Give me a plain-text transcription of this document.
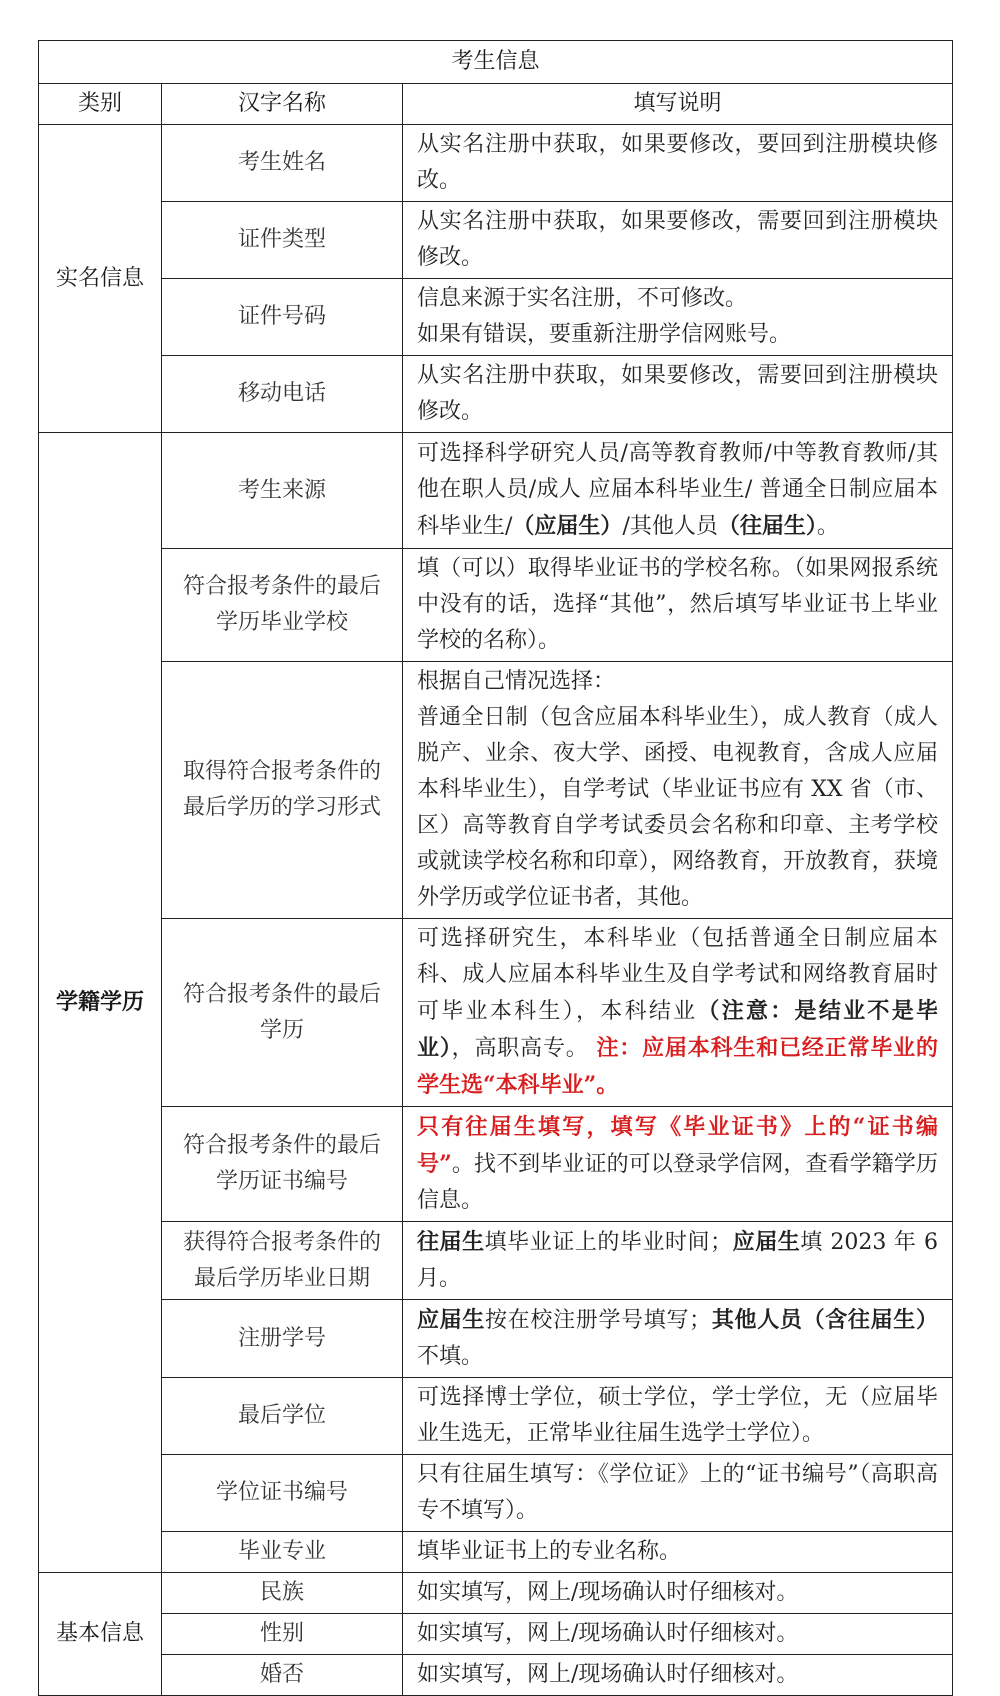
考生信息		
类别	汉字名称	填写说明
实名信息	考生姓名	从实名注册中获取，如果要修改，要回到注册模块修改。
	证件类型	从实名注册中获取，如果要修改，需要回到注册模块修改。
	证件号码	信息来源于实名注册，不可修改。
如果有错误，要重新注册学信网账号。

	移动电话	从实名注册中获取，如果要修改，需要回到注册模块修改。
学籍学历	考生来源	可选择科学研究人员/高等教育教师/中等教育教师/其他在职人员/成人 应届本科毕业生/ 普通全日制应届本科毕业生/（应届生）/其他人员（往届生）。
	符合报考条件的最后学历毕业学校	填（可以）取得毕业证书的学校名称。（如果网报系统中没有的话，选择“其他”，然后填写毕业证书上毕业学校的名称）。
	取得符合报考条件的最后学历的学习形式	根据自己情况选择：
普通全日制（包含应届本科毕业生），成人教育（成人脱产、业余、夜大学、函授、电视教育，含成人应届本科毕业生），自学考试（毕业证书应有 XX 省（市、区）高等教育自学考试委员会名称和印章、主考学校或就读学校名称和印章），网络教育，开放教育，获境外学历或学位证书者，其他。

	符合报考条件的最后学历	可选择研究生，本科毕业（包括普通全日制应届本科、成人应届本科毕业生及自学考试和网络教育届时可毕业本科生），本科结业（注意：是结业不是毕业），高职高专。 注：应届本科生和已经正常毕业的学生选“本科毕业”。
	符合报考条件的最后学历证书编号	只有往届生填写，填写《毕业证书》上的“证书编号”。找不到毕业证的可以登录学信网，查看学籍学历信息。
	获得符合报考条件的最后学历毕业日期	往届生填毕业证上的毕业时间；应届生填 2023 年 6 月。
	注册学号	应届生按在校注册学号填写；其他人员（含往届生）不填。
	最后学位	可选择博士学位，硕士学位，学士学位，无（应届毕业生选无，正常毕业往届生选学士学位）。
	学位证书编号	只有往届生填写：《学位证》上的“证书编号”（高职高专不填写）。
	毕业专业	填毕业证书上的专业名称。
基本信息	民族	如实填写，网上/现场确认时仔细核对。
	性别	如实填写，网上/现场确认时仔细核对。
	婚否	如实填写，网上/现场确认时仔细核对。
